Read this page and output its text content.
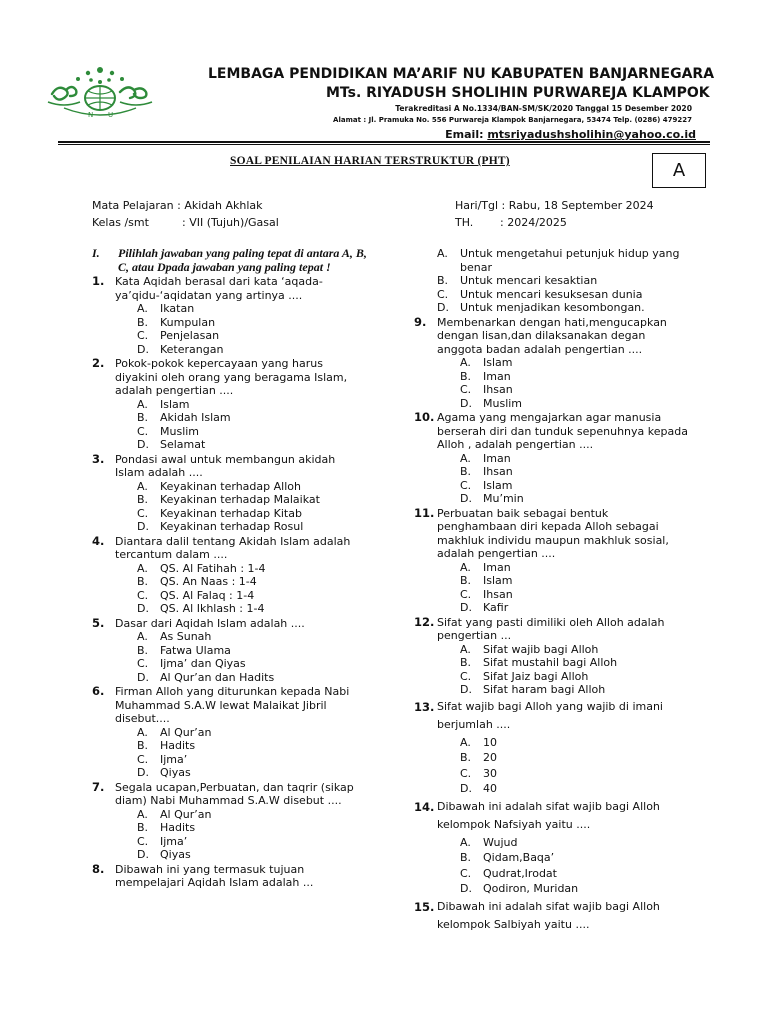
N U
LEMBAGA PENDIDIKAN MA’ARIF NU KABUPATEN BANJARNEGARA
MTs. RIYADUSH SHOLIHIN PURWAREJA KLAMPOK
Terakreditasi A No.1334/BAN-SM/SK/2020 Tanggal 15 Desember 2020
Alamat : Jl. Pramuka No. 556 Purwareja Klampok Banjarnegara, 53474 Telp. (0286) 479227
Email: mtsriyadushsholihin@yahoo.co.id
SOAL PENILAIAN HARIAN TERSTRUKTUR (PHT)	A
Mata Pelajaran : Akidah Akhlak
Kelas /smt	: VII (Tujuh)/Gasal
Hari/Tgl : Rabu, 18 September 2024
TH. : 2024/2025
I. Pilihlah jawaban yang paling tepat di antara A, B, C, atau Dpada jawaban yang paling tepat !
1. Kata Aqidah berasal dari kata ‘aqada-ya’qidu-‘aqidatan yang artinya ....

A. Ikatan
B. Kumpulan
C. Penjelasan
D. Keterangan
2. Pokok-pokok kepercayaan yang harus diyakini oleh orang yang beragama Islam, adalah pengertian ....

A. Islam
B. Akidah Islam
C. Muslim
D. Selamat
3. Pondasi awal untuk membangun akidah Islam adalah ....

A. Keyakinan terhadap Alloh
B. Keyakinan terhadap Malaikat
C. Keyakinan terhadap Kitab
D. Keyakinan terhadap Rosul
4. Diantara dalil tentang Akidah Islam adalah tercantum dalam ....

A. QS. Al Fatihah : 1-4
B. QS. An Naas : 1-4
C. QS. Al Falaq : 1-4
D. QS. Al Ikhlash : 1-4
5. Dasar dari Aqidah Islam adalah ....

A. As Sunah
B. Fatwa Ulama
C. Ijma’ dan Qiyas
D. Al Qur’an dan Hadits
6. Firman Alloh yang diturunkan kepada Nabi Muhammad S.A.W lewat Malaikat Jibril disebut....

A. Al Qur’an
B. Hadits
C. Ijma’
D. Qiyas
7. Segala ucapan,Perbuatan, dan taqrir (sikap diam) Nabi Muhammad S.A.W disebut ....

A. Al Qur’an
B. Hadits
C. Ijma’
D. Qiyas
8. Dibawah ini yang termasuk tujuan mempelajari Aqidah Islam adalah ...

A. Untuk mengetahui petunjuk hidup yang benar
B. Untuk mencari kesaktian
C. Untuk mencari kesuksesan dunia
D. Untuk menjadikan kesombongan.
9. Membenarkan dengan hati,mengucapkan dengan lisan,dan dilaksanakan degan anggota badan adalah pengertian ....

A. Islam
B. Iman
C. Ihsan
D. Muslim
10. Agama yang mengajarkan agar manusia berserah diri dan tunduk sepenuhnya kepada Alloh , adalah pengertian ....

A. Iman
B. Ihsan
C. Islam
D. Mu’min
11. Perbuatan baik sebagai bentuk penghambaan diri kepada Alloh sebagai makhluk individu maupun makhluk sosial, adalah pengertian ....

A. Iman
B. Islam
C. Ihsan
D. Kafir
12. Sifat yang pasti dimiliki oleh Alloh adalah pengertian ...

A. Sifat wajib bagi Alloh
B. Sifat mustahil bagi Alloh
C. Sifat Jaiz bagi Alloh
D. Sifat haram bagi Alloh
13. Sifat wajib bagi Alloh yang wajib di imani berjumlah ....

A. 10
B. 20
C. 30
D. 40
14. Dibawah ini adalah sifat wajib bagi Alloh kelompok Nafsiyah yaitu ....

A. Wujud
B. Qidam,Baqa’
C. Qudrat,Irodat
D. Qodiron, Muridan
15. Dibawah ini adalah sifat wajib bagi Alloh kelompok Salbiyah yaitu ....
